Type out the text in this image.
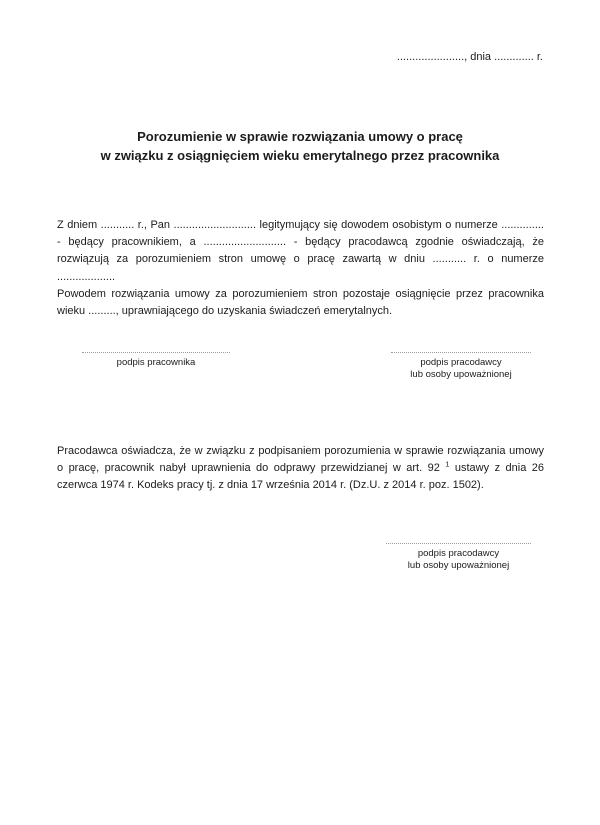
......................, dnia ............. r.
Porozumienie w sprawie rozwiązania umowy o pracę
w związku z osiągnięciem wieku emerytalnego przez pracownika
Z dniem ........... r., Pan ........................... legitymujący się dowodem osobistym o numerze .............. - będący pracownikiem, a ........................... - będący pracodawcą zgodnie oświadczają, że rozwiązują za porozumieniem stron umowę o pracę zawartą w dniu ........... r. o numerze ...................
Powodem rozwiązania umowy za porozumieniem stron pozostaje osiągnięcie przez pracownika wieku ........., uprawniającego do uzyskania świadczeń emerytalnych.
podpis pracownika	podpis pracodawcy
lub osoby upoważnionej
Pracodawca oświadcza, że w związku z podpisaniem porozumienia w sprawie rozwiązania umowy o pracę, pracownik nabył uprawnienia do odprawy przewidzianej w art. 92 $^1$ ustawy z dnia 26 czerwca 1974 r. Kodeks pracy tj. z dnia 17 września 2014 r. (Dz.U. z 2014 r. poz. 1502).
podpis pracodawcy
lub osoby upoważnionej
